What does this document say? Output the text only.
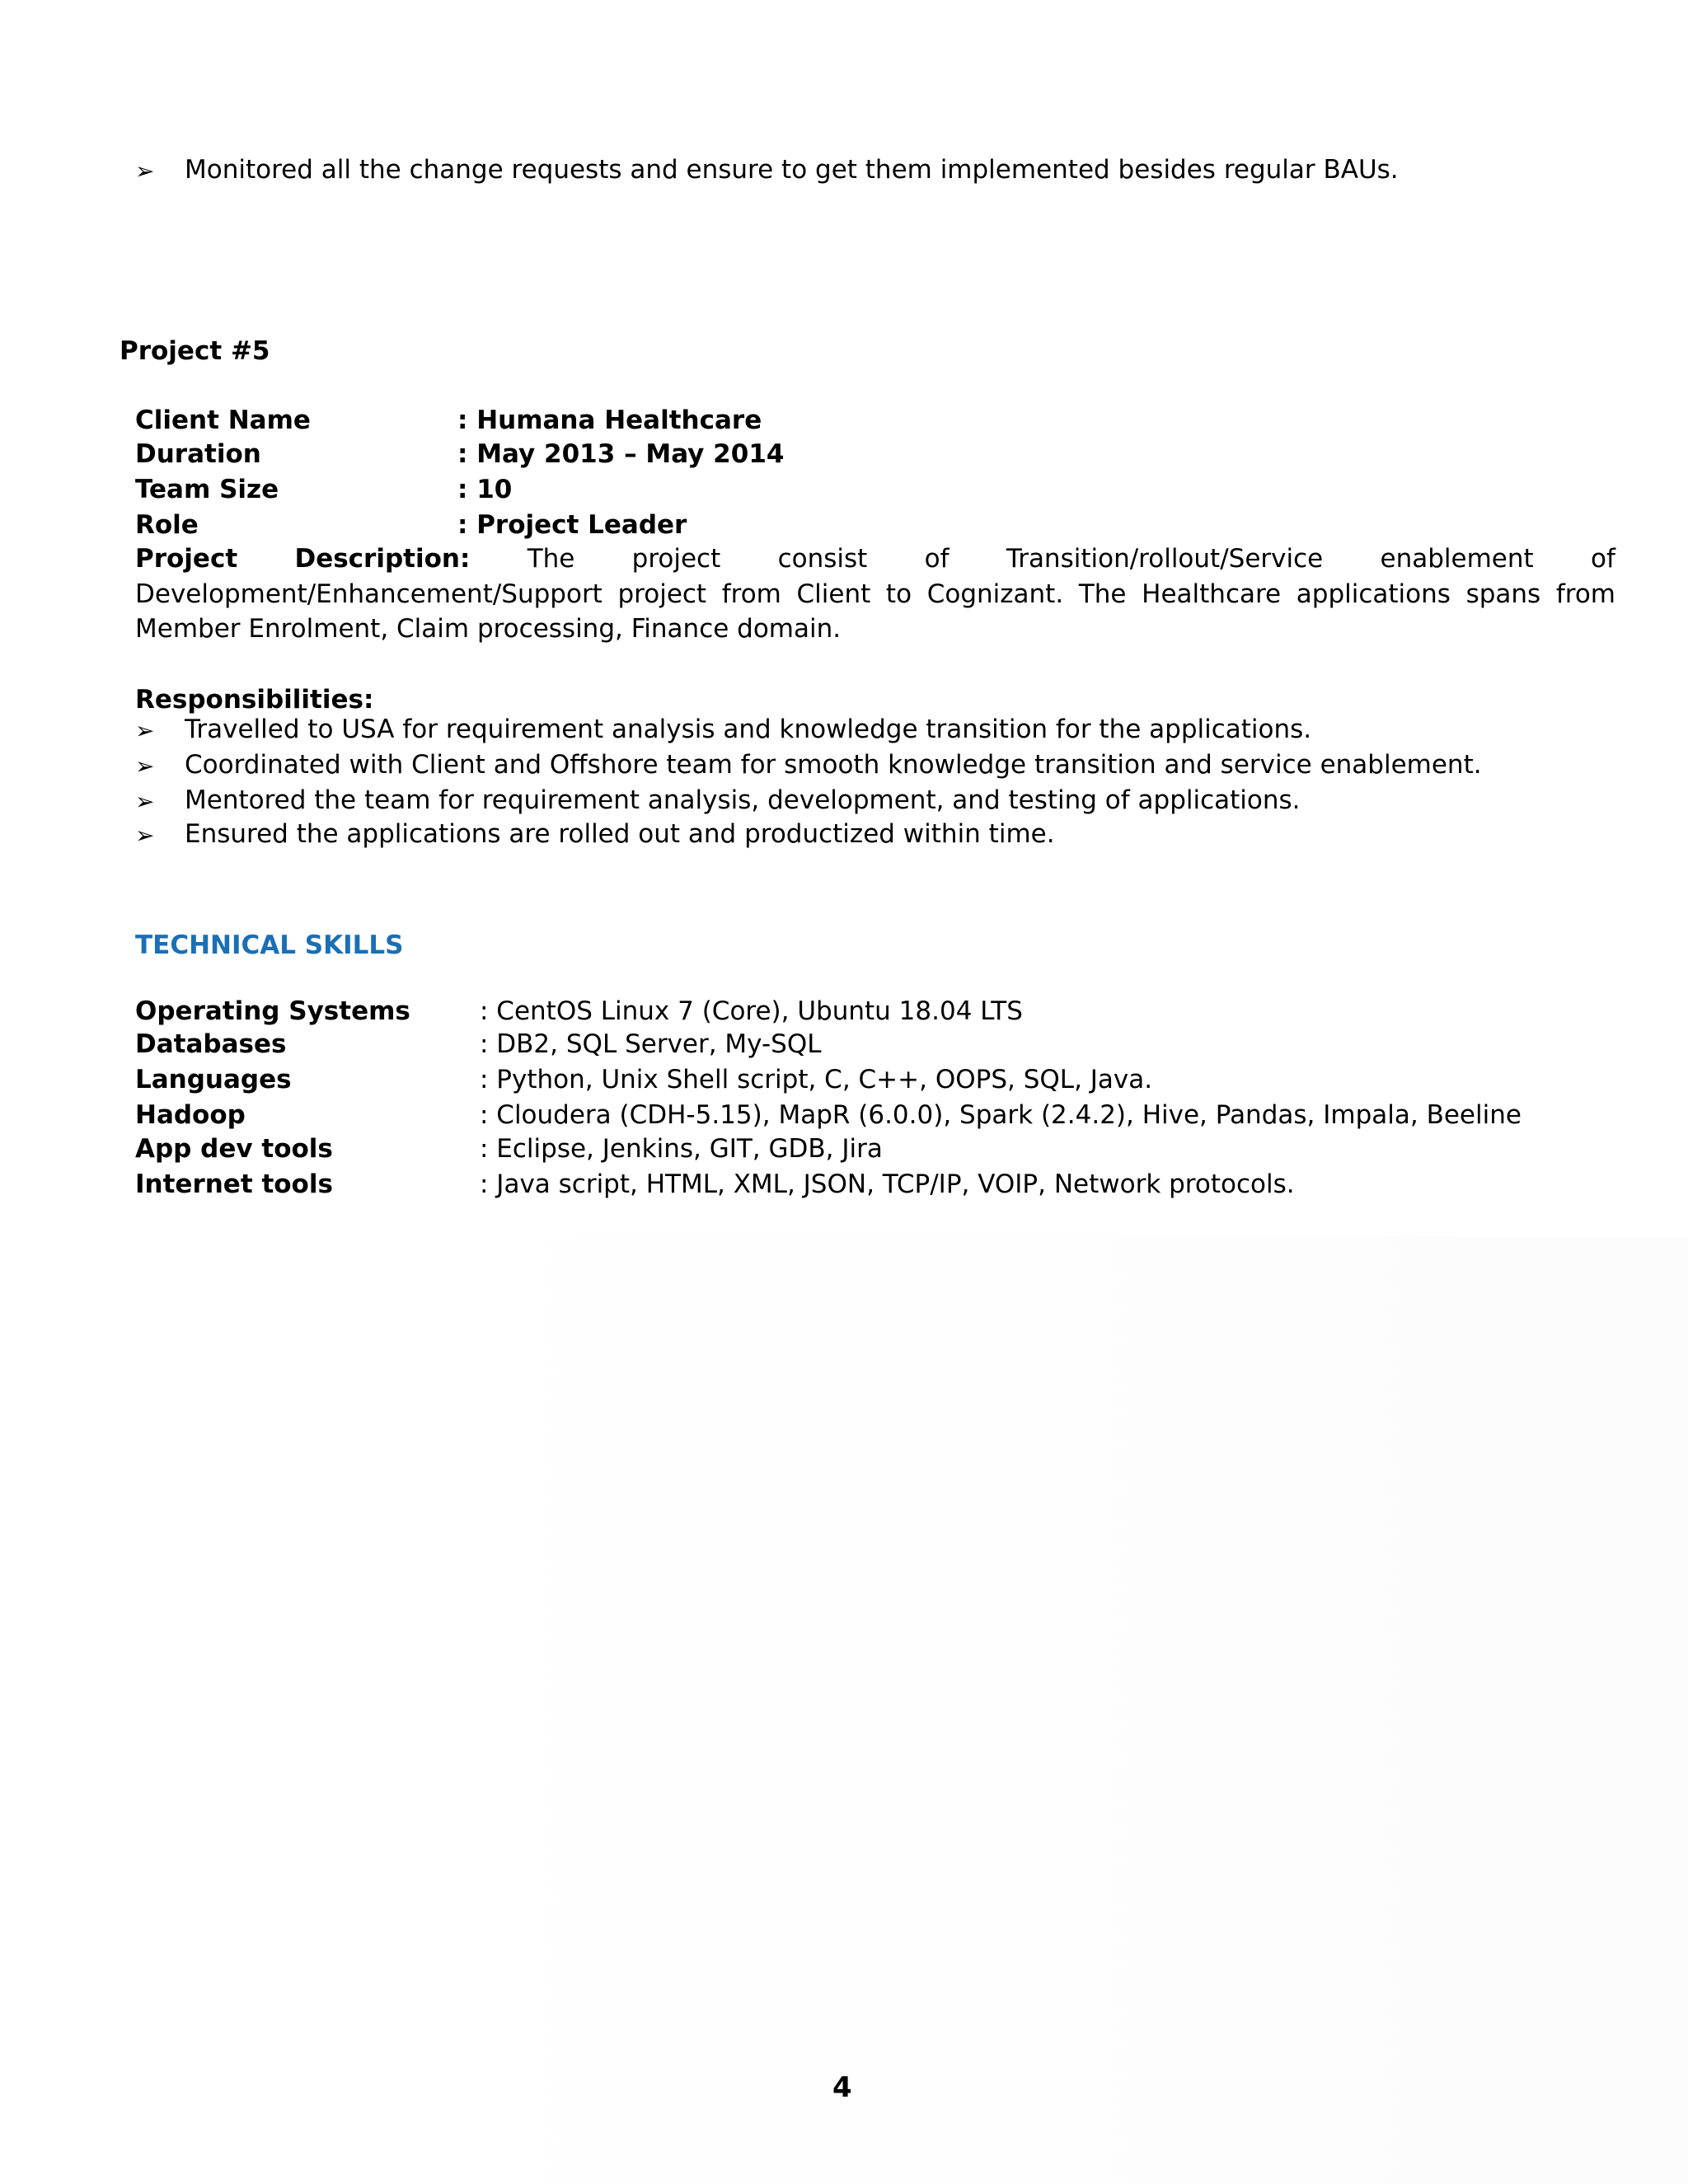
➢ Monitored all the change requests and ensure to get them implemented besides regular BAUs.
Project #5
Client Name	: Humana Healthcare
Duration	: May 2013 – May 2014
Team Size	: 10
Role	: Project Leader
Project Description: The project consist of Transition/rollout/Service enablement of
Development/Enhancement/Support project from Client to Cognizant. The Healthcare applications spans from Member Enrolment, Claim processing, Finance domain.
Responsibilities:
➢ Travelled to USA for requirement analysis and knowledge transition for the applications.
➢ Coordinated with Client and Offshore team for smooth knowledge transition and service enablement.
➢ Mentored the team for requirement analysis, development, and testing of applications.
➢ Ensured the applications are rolled out and productized within time.
TECHNICAL SKILLS
Operating Systems	: CentOS Linux 7 (Core), Ubuntu 18.04 LTS
Databases	: DB2, SQL Server, My-SQL
Languages	: Python, Unix Shell script, C, C++, OOPS, SQL, Java.
Hadoop	: Cloudera (CDH-5.15), MapR (6.0.0), Spark (2.4.2), Hive, Pandas, Impala, Beeline
App dev tools	: Eclipse, Jenkins, GIT, GDB, Jira
Internet tools	: Java script, HTML, XML, JSON, TCP/IP, VOIP, Network protocols.
4
